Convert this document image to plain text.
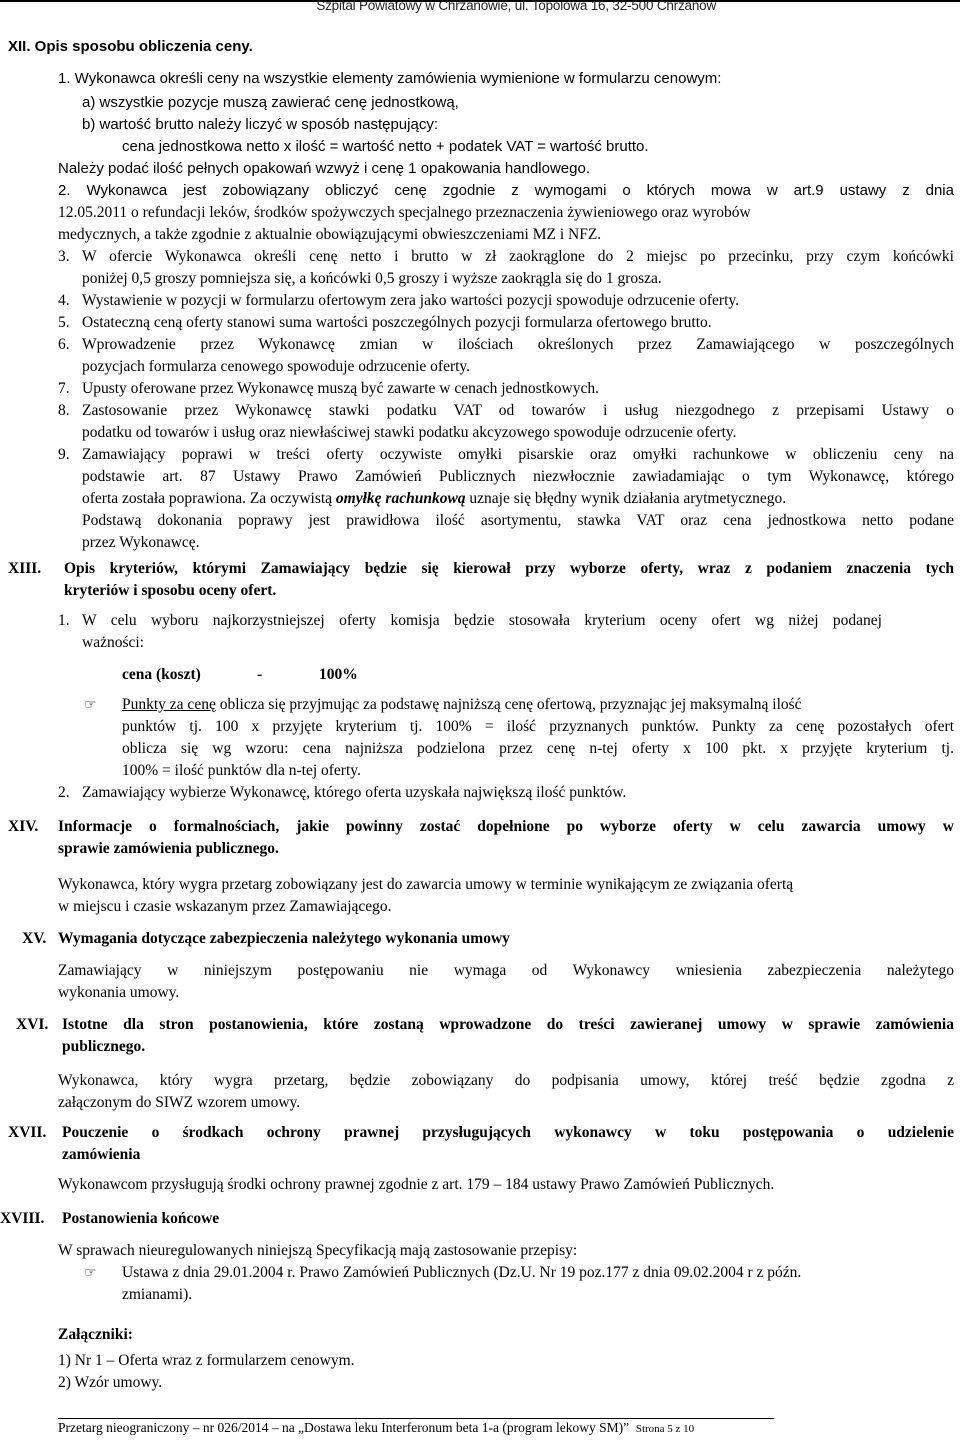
Szpital Powiatowy w Chrzanowie, ul. Topolowa 16, 32-500 Chrzanów
XII. Opis sposobu obliczenia ceny.
1. Wykonawca określi ceny na wszystkie elementy zamówienia wymienione w formularzu cenowym:
a) wszystkie pozycje muszą zawierać cenę jednostkową,
b) wartość brutto należy liczyć w sposób następujący:
cena jednostkowa netto x ilość = wartość netto + podatek VAT = wartość brutto.
Należy podać ilość pełnych opakowań wzwyż i cenę 1 opakowania handlowego.
2. Wykonawca jest zobowiązany obliczyć cenę zgodnie z wymogami o których mowa w art.9 ustawy z dnia
12.05.2011 o refundacji leków, środków spożywczych specjalnego przeznaczenia żywieniowego oraz wyrobów
medycznych, a także zgodnie z aktualnie obowiązującymi obwieszczeniami MZ i NFZ.
3. W ofercie Wykonawca określi cenę netto i brutto w zł zaokrąglone do 2 miejsc po przecinku, przy czym końcówki
poniżej 0,5 groszy pomniejsza się, a końcówki 0,5 groszy i wyższe zaokrągla się do 1 grosza.
4. Wystawienie w pozycji w formularzu ofertowym zera jako wartości pozycji spowoduje odrzucenie oferty.
5. Ostateczną ceną oferty stanowi suma wartości poszczególnych pozycji formularza ofertowego brutto.
6. Wprowadzenie przez Wykonawcę zmian w ilościach określonych przez Zamawiającego w poszczególnych
pozycjach formularza cenowego spowoduje odrzucenie oferty.
7. Upusty oferowane przez Wykonawcę muszą być zawarte w cenach jednostkowych.
8. Zastosowanie przez Wykonawcę stawki podatku VAT od towarów i usług niezgodnego z przepisami Ustawy o
podatku od towarów i usług oraz niewłaściwej stawki podatku akcyzowego spowoduje odrzucenie oferty.
9. Zamawiający poprawi w treści oferty oczywiste omyłki pisarskie oraz omyłki rachunkowe w obliczeniu ceny na
podstawie art. 87 Ustawy Prawo Zamówień Publicznych niezwłocznie zawiadamiając o tym Wykonawcę, którego
oferta została poprawiona. Za oczywistą omyłkę rachunkową uznaje się błędny wynik działania arytmetycznego.
Podstawą dokonania poprawy jest prawidłowa ilość asortymentu, stawka VAT oraz cena jednostkowa netto podane
przez Wykonawcę.
XIII. Opis kryteriów, którymi Zamawiający będzie się kierował przy wyborze oferty, wraz z podaniem znaczenia tych
kryteriów i sposobu oceny ofert.
1. W celu wyboru najkorzystniejszej oferty komisja będzie stosowała kryterium oceny ofert wg niżej podanej
ważności:
cena (koszt)	-	100%
☞ Punkty za cenę oblicza się przyjmując za podstawę najniższą cenę ofertową, przyznając jej maksymalną ilość
punktów tj. 100 x przyjęte kryterium tj. 100% = ilość przyznanych punktów. Punkty za cenę pozostałych ofert
oblicza się wg wzoru: cena najniższa podzielona przez cenę n-tej oferty x 100 pkt. x przyjęte kryterium tj.
100% = ilość punktów dla n-tej oferty.
2. Zamawiający wybierze Wykonawcę, którego oferta uzyskała największą ilość punktów.
XIV. Informacje o formalnościach, jakie powinny zostać dopełnione po wyborze oferty w celu zawarcia umowy w
sprawie zamówienia publicznego.
Wykonawca, który wygra przetarg zobowiązany jest do zawarcia umowy w terminie wynikającym ze związania ofertą
w miejscu i czasie wskazanym przez Zamawiającego.
XV. Wymagania dotyczące zabezpieczenia należytego wykonania umowy
Zamawiający w niniejszym postępowaniu nie wymaga od Wykonawcy wniesienia zabezpieczenia należytego
wykonania umowy.
XVI. Istotne dla stron postanowienia, które zostaną wprowadzone do treści zawieranej umowy w sprawie zamówienia
publicznego.
Wykonawca, który wygra przetarg, będzie zobowiązany do podpisania umowy, której treść będzie zgodna z
załączonym do SIWZ wzorem umowy.
XVII. Pouczenie o środkach ochrony prawnej przysługujących wykonawcy w toku postępowania o udzielenie
zamówienia
Wykonawcom przysługują środki ochrony prawnej zgodnie z art. 179 – 184 ustawy Prawo Zamówień Publicznych.
XVIII. Postanowienia końcowe
W sprawach nieuregulowanych niniejszą Specyfikacją mają zastosowanie przepisy:
☞ Ustawa z dnia 29.01.2004 r. Prawo Zamówień Publicznych (Dz.U. Nr 19 poz.177 z dnia 09.02.2004 r z późn.
zmianami).
Załączniki:
1) Nr 1 – Oferta wraz z formularzem cenowym.
2) Wzór umowy.
Przetarg nieograniczony – nr 026/2014 – na „Dostawa leku Interferonum beta 1-a (program lekowy SM)” Strona 5 z 10
